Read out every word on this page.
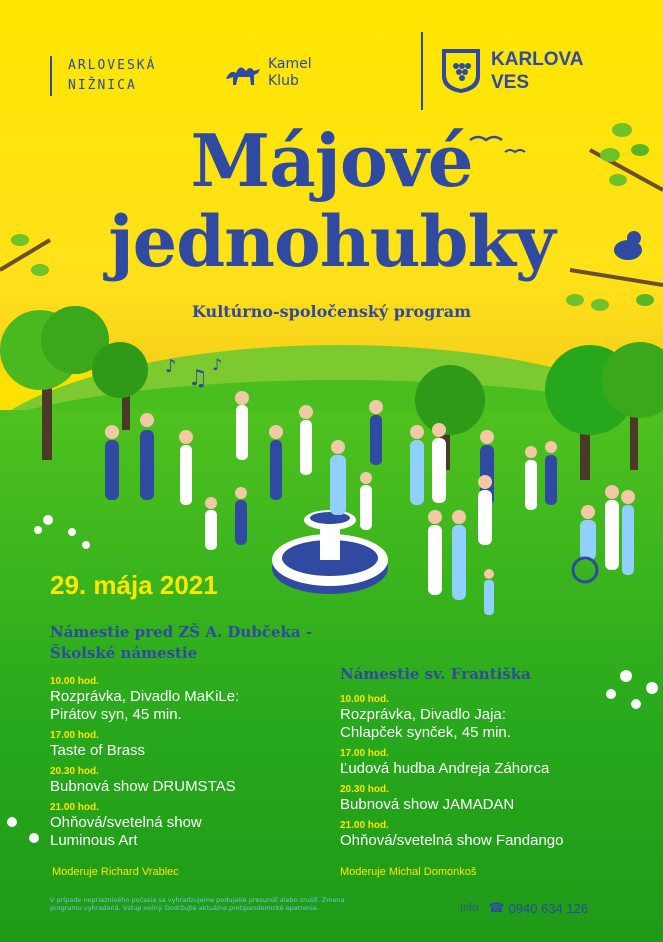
♪ ♫
♪
ARLOVESKÁ
NIŽNICA
Kamel
Klub
KARLOVA
VES
Májové
jednohubky
Kultúrno-spoločenský program
29. mája 2021
Námestie pred ZŠ A. Dubčeka - Školské námestie
10.00 hod.
Rozprávka, Divadlo MaKiLe:
Pirátov syn, 45 min.
17.00 hod.
Taste of Brass
20.30 hod.
Bubnová show DRUMSTAS
21.00 hod.
Ohňová/svetelná show
Luminous Art
Moderuje Richard Vrablec
Námestie sv. Františka
10.00 hod.
Rozprávka, Divadlo Jaja:
Chlapček synček, 45 min.
17.00 hod.
Ľudová hudba Andreja Záhorca
20.30 hod.
Bubnová show JAMADAN
21.00 hod.
Ohňová/svetelná show Fandango
Moderuje Michal Domonkoš
V prípade nepriaznivého počasia sa vyhradzujeme podujatie presunúť alebo zrušiť. Zmena programu vyhradená. Vstup voľný. Dodržujte aktuálne protipandemické opatrenia.	Info ☎ 0940 634 126
